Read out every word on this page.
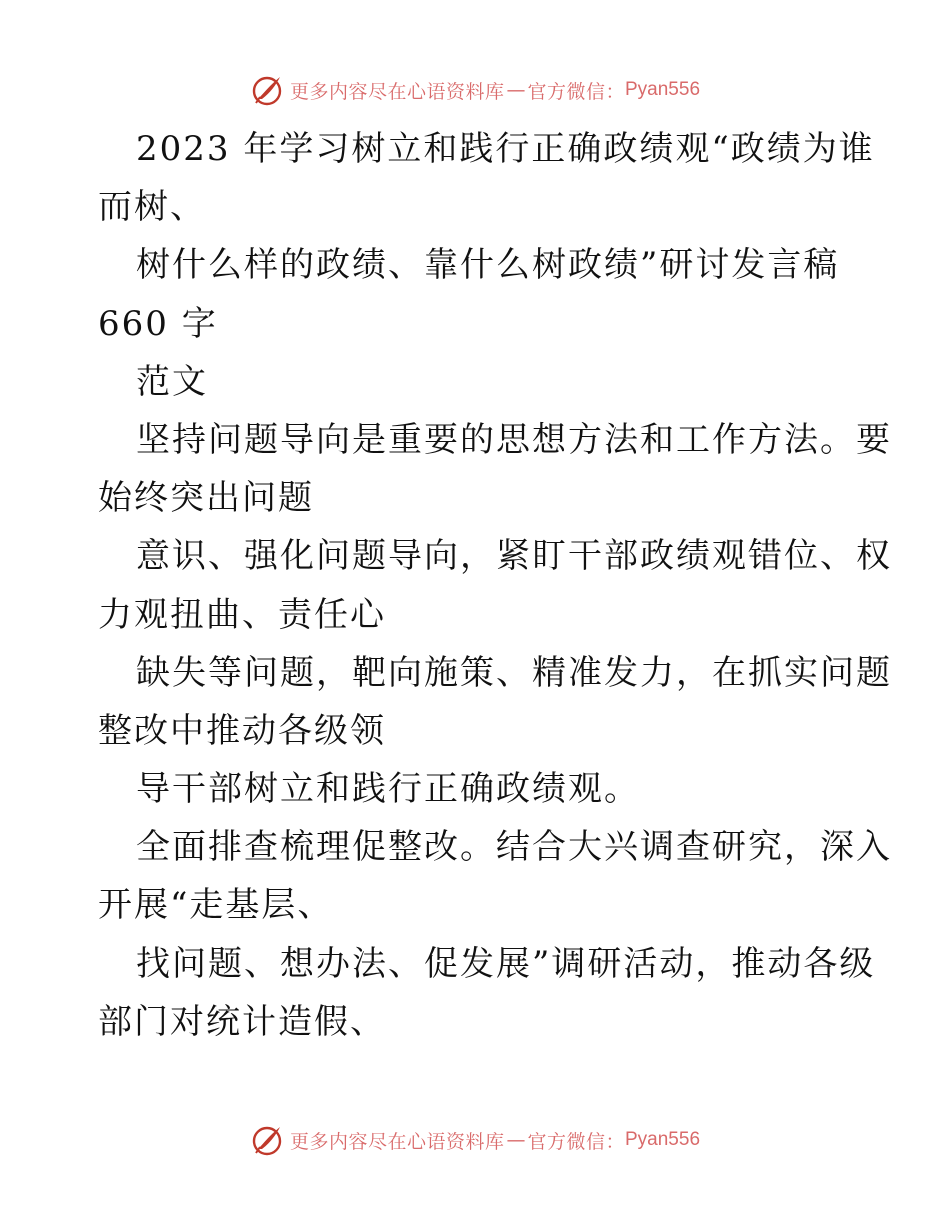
更多内容尽在心语资料库 — 官方微信： Pyan556
2023 年学习树立和践行正确政绩观“政绩为谁
而树、
树什么样的政绩、靠什么树政绩”研讨发言稿
660 字
范文
坚持问题导向是重要的思想方法和工作方法。要
始终突出问题
意识、强化问题导向，紧盯干部政绩观错位、权
力观扭曲、责任心
缺失等问题，靶向施策、精准发力，在抓实问题
整改中推动各级领
导干部树立和践行正确政绩观。
全面排查梳理促整改。结合大兴调查研究，深入
开展“走基层、
找问题、想办法、促发展”调研活动，推动各级
部门对统计造假、
更多内容尽在心语资料库 — 官方微信： Pyan556
